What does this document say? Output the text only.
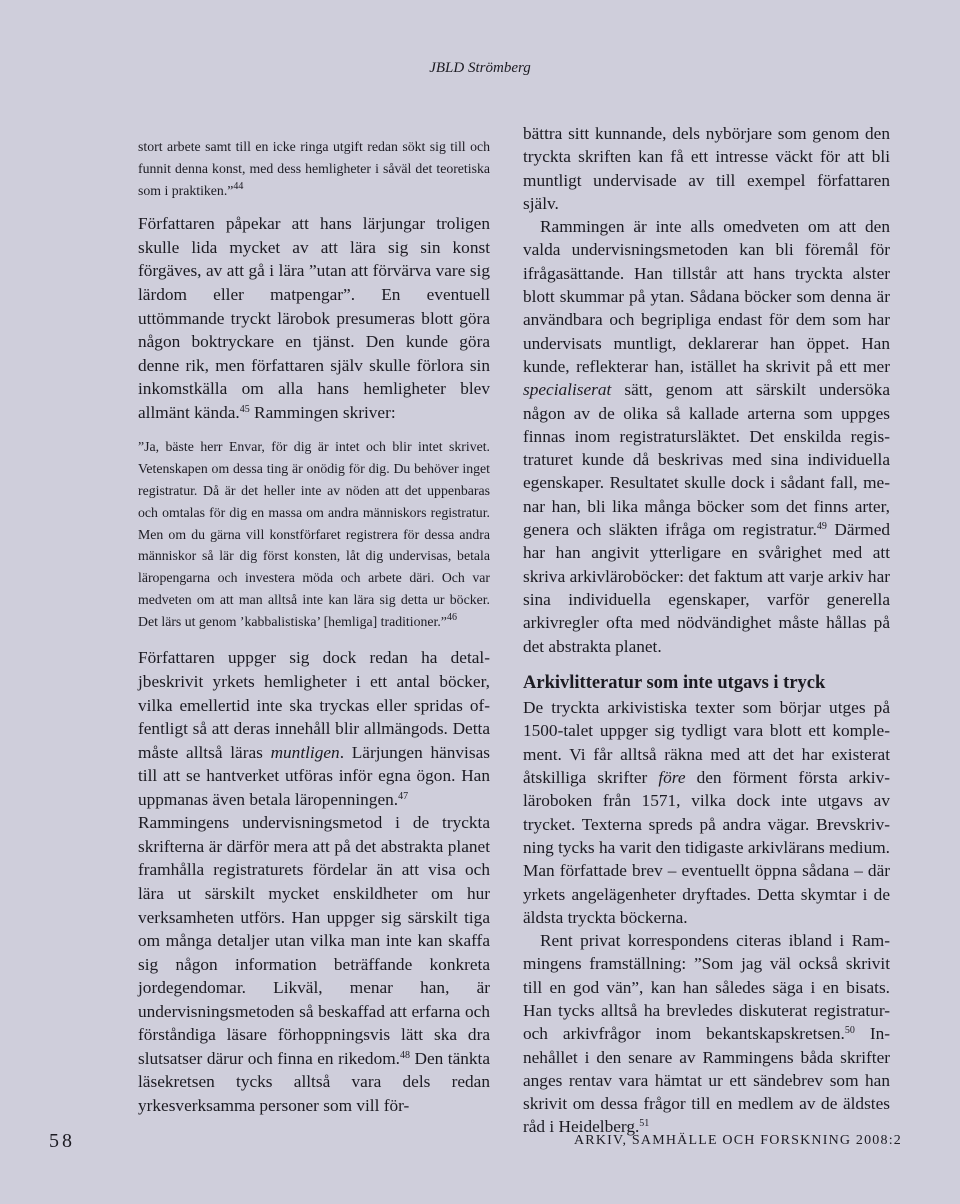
JBLD Strömberg

stort arbete samt till en icke ringa utgift redan sökt sig till och funnit denna konst, med dess hemligheter i såväl det teoretiska som i praktiken.”$^{44}$

Författaren påpekar att hans lärjungar troligen skulle lida mycket av att lära sig sin konst förgäves, av att gå i lära ”utan att förvärva vare sig lärdom eller matpengar”. En eventuell uttömmande tryckt lärobok presumeras blott göra någon boktryckare en tjänst. Den kunde göra denne rik, men författaren själv skulle förlora sin inkomstkälla om alla hans hemligheter blev allmänt kända.$^{45}$ Rammingen skriver:

”Ja, bäste herr Envar, för dig är intet och blir intet skrivet. Vetenskapen om dessa ting är onödig för dig. Du behöver inget registratur. Då är det heller inte av nöden att det uppenbaras och omtalas för dig en massa om andra människors registratur. Men om du gärna vill konstförfaret registrera för dessa andra människor så lär dig först konsten, låt dig undervisas, betala läropengarna och investera möda och arbete däri. Och var medveten om att man alltså inte kan lära sig detta ur böcker. Det lärs ut genom ’kabbalistiska’ [hemliga] traditioner.”$^{46}$

Författaren uppger sig dock redan ha detaljbeskrivit yrkets hemligheter i ett antal böcker, vilka emellertid inte ska tryckas eller spridas offentligt så att deras innehåll blir allmängods. Detta måste alltså läras muntligen. Lärjungen hänvisas till att se hantverket utföras inför egna ögon. Han uppmanas även betala läropenningen.$^{47}$

Rammingens undervisningsmetod i de tryckta skrifterna är därför mera att på det abstrakta planet framhålla registraturets fördelar än att visa och lära ut särskilt mycket enskildheter om hur verksamheten utförs. Han uppger sig särskilt tiga om många detaljer utan vilka man inte kan skaffa sig någon information beträffande konkreta jordegendomar. Likväl, menar han, är undervisningsmetoden så beskaffad att erfarna och förståndiga läsare förhoppningsvis lätt ska dra slutsatser därur och finna en rikedom.$^{48}$ Den tänkta läsekretsen tycks alltså vara dels redan yrkesverksamma personer som vill för-

bättra sitt kunnande, dels nybörjare som genom den tryckta skriften kan få ett intresse väckt för att bli muntligt undervisade av till exempel författaren själv.

Rammingen är inte alls omedveten om att den valda undervisningsmetoden kan bli föremål för ifrågasättande. Han tillstår att hans tryckta alster blott skummar på ytan. Sådana böcker som denna är användbara och begripliga endast för dem som har undervisats muntligt, deklarerar han öppet. Han kunde, reflekterar han, istället ha skrivit på ett mer specialiserat sätt, genom att särskilt undersöka någon av de olika så kallade arterna som uppges finnas inom registratursläktet. Det enskilda registraturet kunde då beskrivas med sina individuella egenskaper. Resultatet skulle dock i sådant fall, menar han, bli lika många böcker som det finns arter, genera och släkten ifråga om registratur.$^{49}$ Därmed har han angivit ytterligare en svårighet med att skriva arkivläroböcker: det faktum att varje arkiv har sina individuella egenskaper, varför generella arkivregler ofta med nödvändighet måste hållas på det abstrakta planet.

Arkivlitteratur som inte utgavs i tryck

De tryckta arkivistiska texter som börjar utges på 1500-talet uppger sig tydligt vara blott ett komplement. Vi får alltså räkna med att det har existerat åtskilliga skrifter före den förment första arkivläroboken från 1571, vilka dock inte utgavs av trycket. Texterna spreds på andra vägar. Brevskrivning tycks ha varit den tidigaste arkivlärans medium. Man författade brev – eventuellt öppna sådana – där yrkets angelägenheter dryftades. Detta skymtar i de äldsta tryckta böckerna.

Rent privat korrespondens citeras ibland i Rammingens framställning: ”Som jag väl också skrivit till en god vän”, kan han således säga i en bisats. Han tycks alltså ha brevledes diskuterat registratur- och arkivfrågor inom bekantskapskretsen.$^{50}$ Innehållet i den senare av Rammingens båda skrifter anges rentav vara hämtat ur ett sändebrev som han skrivit om dessa frågor till en medlem av de äldstes råd i Heidelberg.$^{51}$

58	ARKIV, SAMHÄLLE OCH FORSKNING 2008:2
